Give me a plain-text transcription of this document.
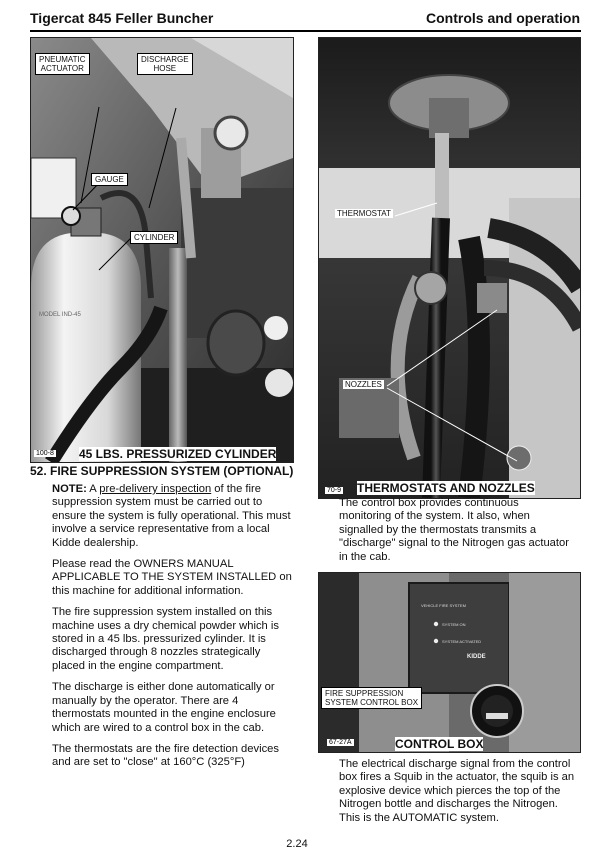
Tigercat 845 Feller Buncher	Controls and operation
MODEL IND-45
PNEUMATIC
ACTUATOR
DISCHARGE
HOSE
GAUGE
CYLINDER
100-8 45 LBS. PRESSURIZED CYLINDER
THERMOSTAT
NOZZLES
70-9 THERMOSTATS AND NOZZLES
VEHICLE FIRE SYSTEM
SYSTEM ON
SYSTEM ACTIVATED
KIDDE
FIRE SUPPRESSION
SYSTEM CONTROL BOX
67-27A	CONTROL BOX
52. FIRE SUPPRESSION SYSTEM (OPTIONAL)

NOTE: A pre-delivery inspection of the fire suppression system must be carried out to ensure the system is fully operational. This must involve a service representative from a local Kidde dealership.

Please read the OWNERS MANUAL APPLICABLE TO THE SYSTEM INSTALLED on this machine for additional information.

The fire suppression system installed on this machine uses a dry chemical powder which is stored in a 45 lbs. pressurized cylinder. It is discharged through 8 nozzles strategically placed in the engine compartment.

The discharge is either done automatically or manually by the operator. There are 4 thermostats mounted in the engine enclosure which are wired to a control box in the cab.

The thermostats are the fire detection devices and are set to "close" at 160°C (325°F)

The control box provides continuous monitoring of the system. It also, when signalled by the thermostats transmits a "discharge" signal to the Nitrogen gas actuator in the cab.
The electrical discharge signal from the control box fires a Squib in the actuator, the squib is an explosive device which pierces the top of the Nitrogen bottle and discharges the Nitrogen. This is the AUTOMATIC system.
2.24
